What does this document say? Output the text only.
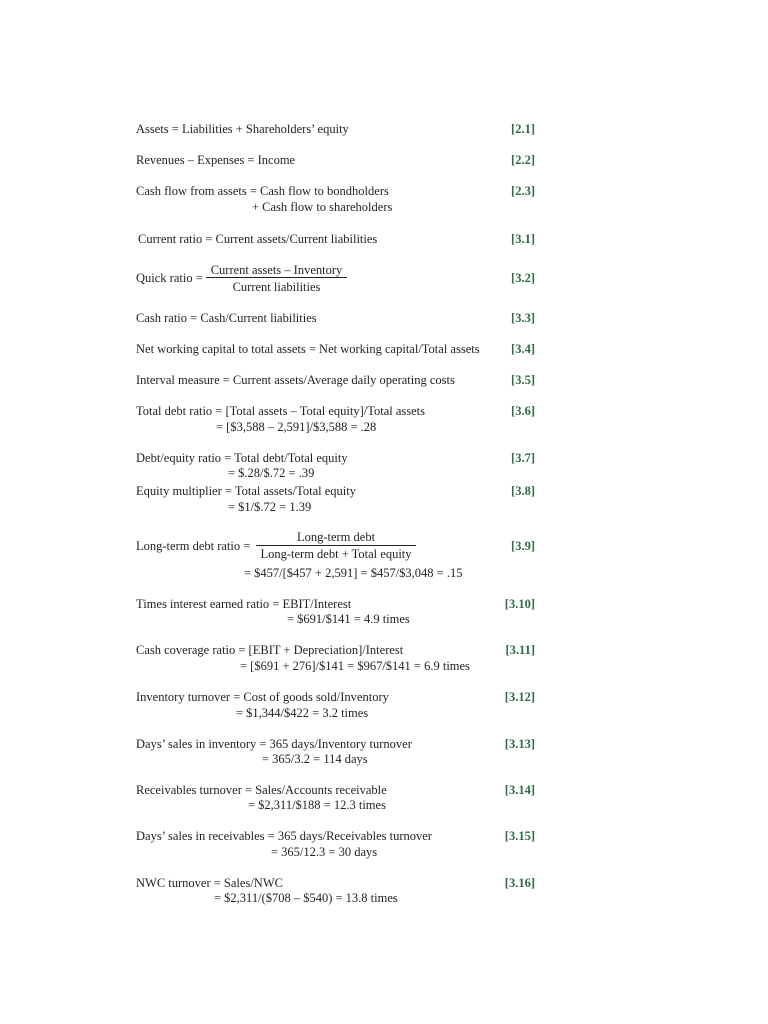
Assets = Liabilities + Shareholders’ equity	[2.1]
Revenues – Expenses = Income	[2.2]
Cash flow from assets = Cash flow to bondholders
+ Cash flow to shareholders
[2.3]
Current ratio = Current assets/Current liabilities	[3.1]
Quick ratio =
Current assets – Inventory
Current liabilities
[3.2]
Cash ratio = Cash/Current liabilities	[3.3]
Net working capital to total assets = Net working capital/Total assets	[3.4]
Interval measure = Current assets/Average daily operating costs	[3.5]
Total debt ratio = [Total assets – Total equity]/Total assets
= [$3,588 – 2,591]/$3,588 = .28
[3.6]
Debt/equity ratio = Total debt/Total equity
= $.28/$.72 = .39
[3.7]
Equity multiplier = Total assets/Total equity
= $1/$.72 = 1.39
[3.8]
Long-term debt ratio =
Long-term debt
Long-term debt + Total equity
= $457/[$457 + 2,591] = $457/$3,048 = .15
[3.9]
Times interest earned ratio = EBIT/Interest
= $691/$141 = 4.9 times
[3.10]
Cash coverage ratio = [EBIT + Depreciation]/Interest
= [$691 + 276]/$141 = $967/$141 = 6.9 times
[3.11]
Inventory turnover = Cost of goods sold/Inventory
= $1,344/$422 = 3.2 times
[3.12]
Days’ sales in inventory = 365 days/Inventory turnover
= 365/3.2 = 114 days
[3.13]
Receivables turnover = Sales/Accounts receivable
= $2,311/$188 = 12.3 times
[3.14]
Days’ sales in receivables = 365 days/Receivables turnover
= 365/12.3 = 30 days
[3.15]
NWC turnover = Sales/NWC
= $2,311/($708 – $540) = 13.8 times
[3.16]
